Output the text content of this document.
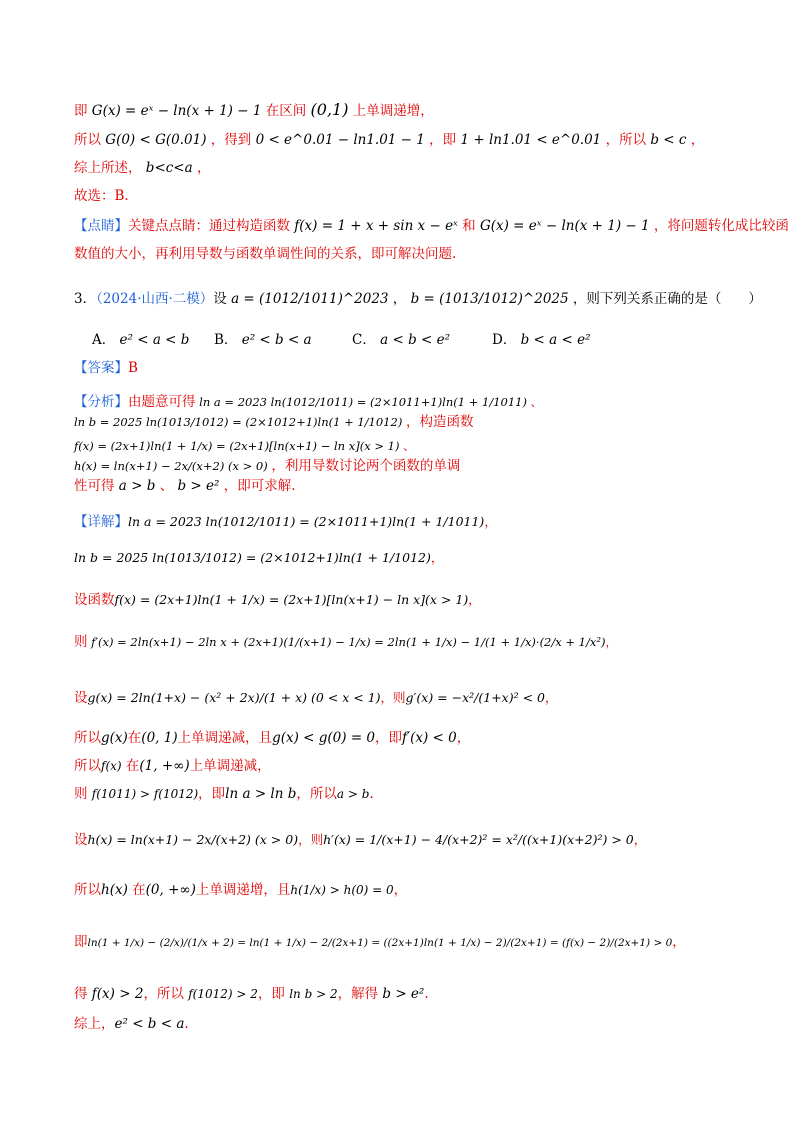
即 G(x) = eˣ − ln(x + 1) − 1 在区间 (0,1) 上单调递增，
所以 G(0) < G(0.01) ，得到 0 < e^0.01 − ln1.01 − 1 ，即 1 + ln1.01 < e^0.01 ，所以 b < c ，
综上所述， b<c<a ，
故选：B.
【点睛】关键点点睛：通过构造函数 f(x) = 1 + x + sin x − eˣ 和 G(x) = eˣ − ln(x + 1) − 1 ，将问题转化成比较函
数值的大小，再利用导数与函数单调性间的关系，即可解决问题.
3．（2024·山西·二模）设 a = (1012/1011)^2023 ， b = (1013/1012)^2025 ，则下列关系正确的是（　　）
A． e² < a < b B． e² < b < a	C． a < b < e²	D． b < a < e²
【答案】B
【分析】由题意可得 ln a = 2023 ln(1012/1011) = (2×1011+1)ln(1 + 1/1011) 、
ln b = 2025 ln(1013/1012) = (2×1012+1)ln(1 + 1/1012) ，构造函数
f(x) = (2x+1)ln(1 + 1/x) = (2x+1)[ln(x+1) − ln x](x > 1) 、
h(x) = ln(x+1) − 2x/(x+2) (x > 0) ，利用导数讨论两个函数的单调
性可得 a > b 、 b > e² ，即可求解.
【详解】ln a = 2023 ln(1012/1011) = (2×1011+1)ln(1 + 1/1011)，
ln b = 2025 ln(1013/1012) = (2×1012+1)ln(1 + 1/1012)，
设函数f(x) = (2x+1)ln(1 + 1/x) = (2x+1)[ln(x+1) − ln x](x > 1)，
则 f′(x) = 2ln(x+1) − 2ln x + (2x+1)(1/(x+1) − 1/x) = 2ln(1 + 1/x) − 1/(1 + 1/x)·(2/x + 1/x²)，
设g(x) = 2ln(1+x) − (x² + 2x)/(1 + x) (0 < x < 1)，则g′(x) = −x²/(1+x)² < 0，
所以g(x)在(0, 1)上单调递减，且g(x) < g(0) = 0，即f′(x) < 0，
所以f(x) 在(1, +∞)上单调递减，
则 f(1011) > f(1012)，即ln a > ln b，所以a > b.
设h(x) = ln(x+1) − 2x/(x+2) (x > 0)，则h′(x) = 1/(x+1) − 4/(x+2)² = x²/((x+1)(x+2)²) > 0，
所以h(x) 在(0, +∞)上单调递增，且h(1/x) > h(0) = 0，
即ln(1 + 1/x) − (2/x)/(1/x + 2) = ln(1 + 1/x) − 2/(2x+1) = ((2x+1)ln(1 + 1/x) − 2)/(2x+1) = (f(x) − 2)/(2x+1) > 0，
得 f(x) > 2，所以 f(1012) > 2，即 ln b > 2，解得 b > e².
综上，e² < b < a.
